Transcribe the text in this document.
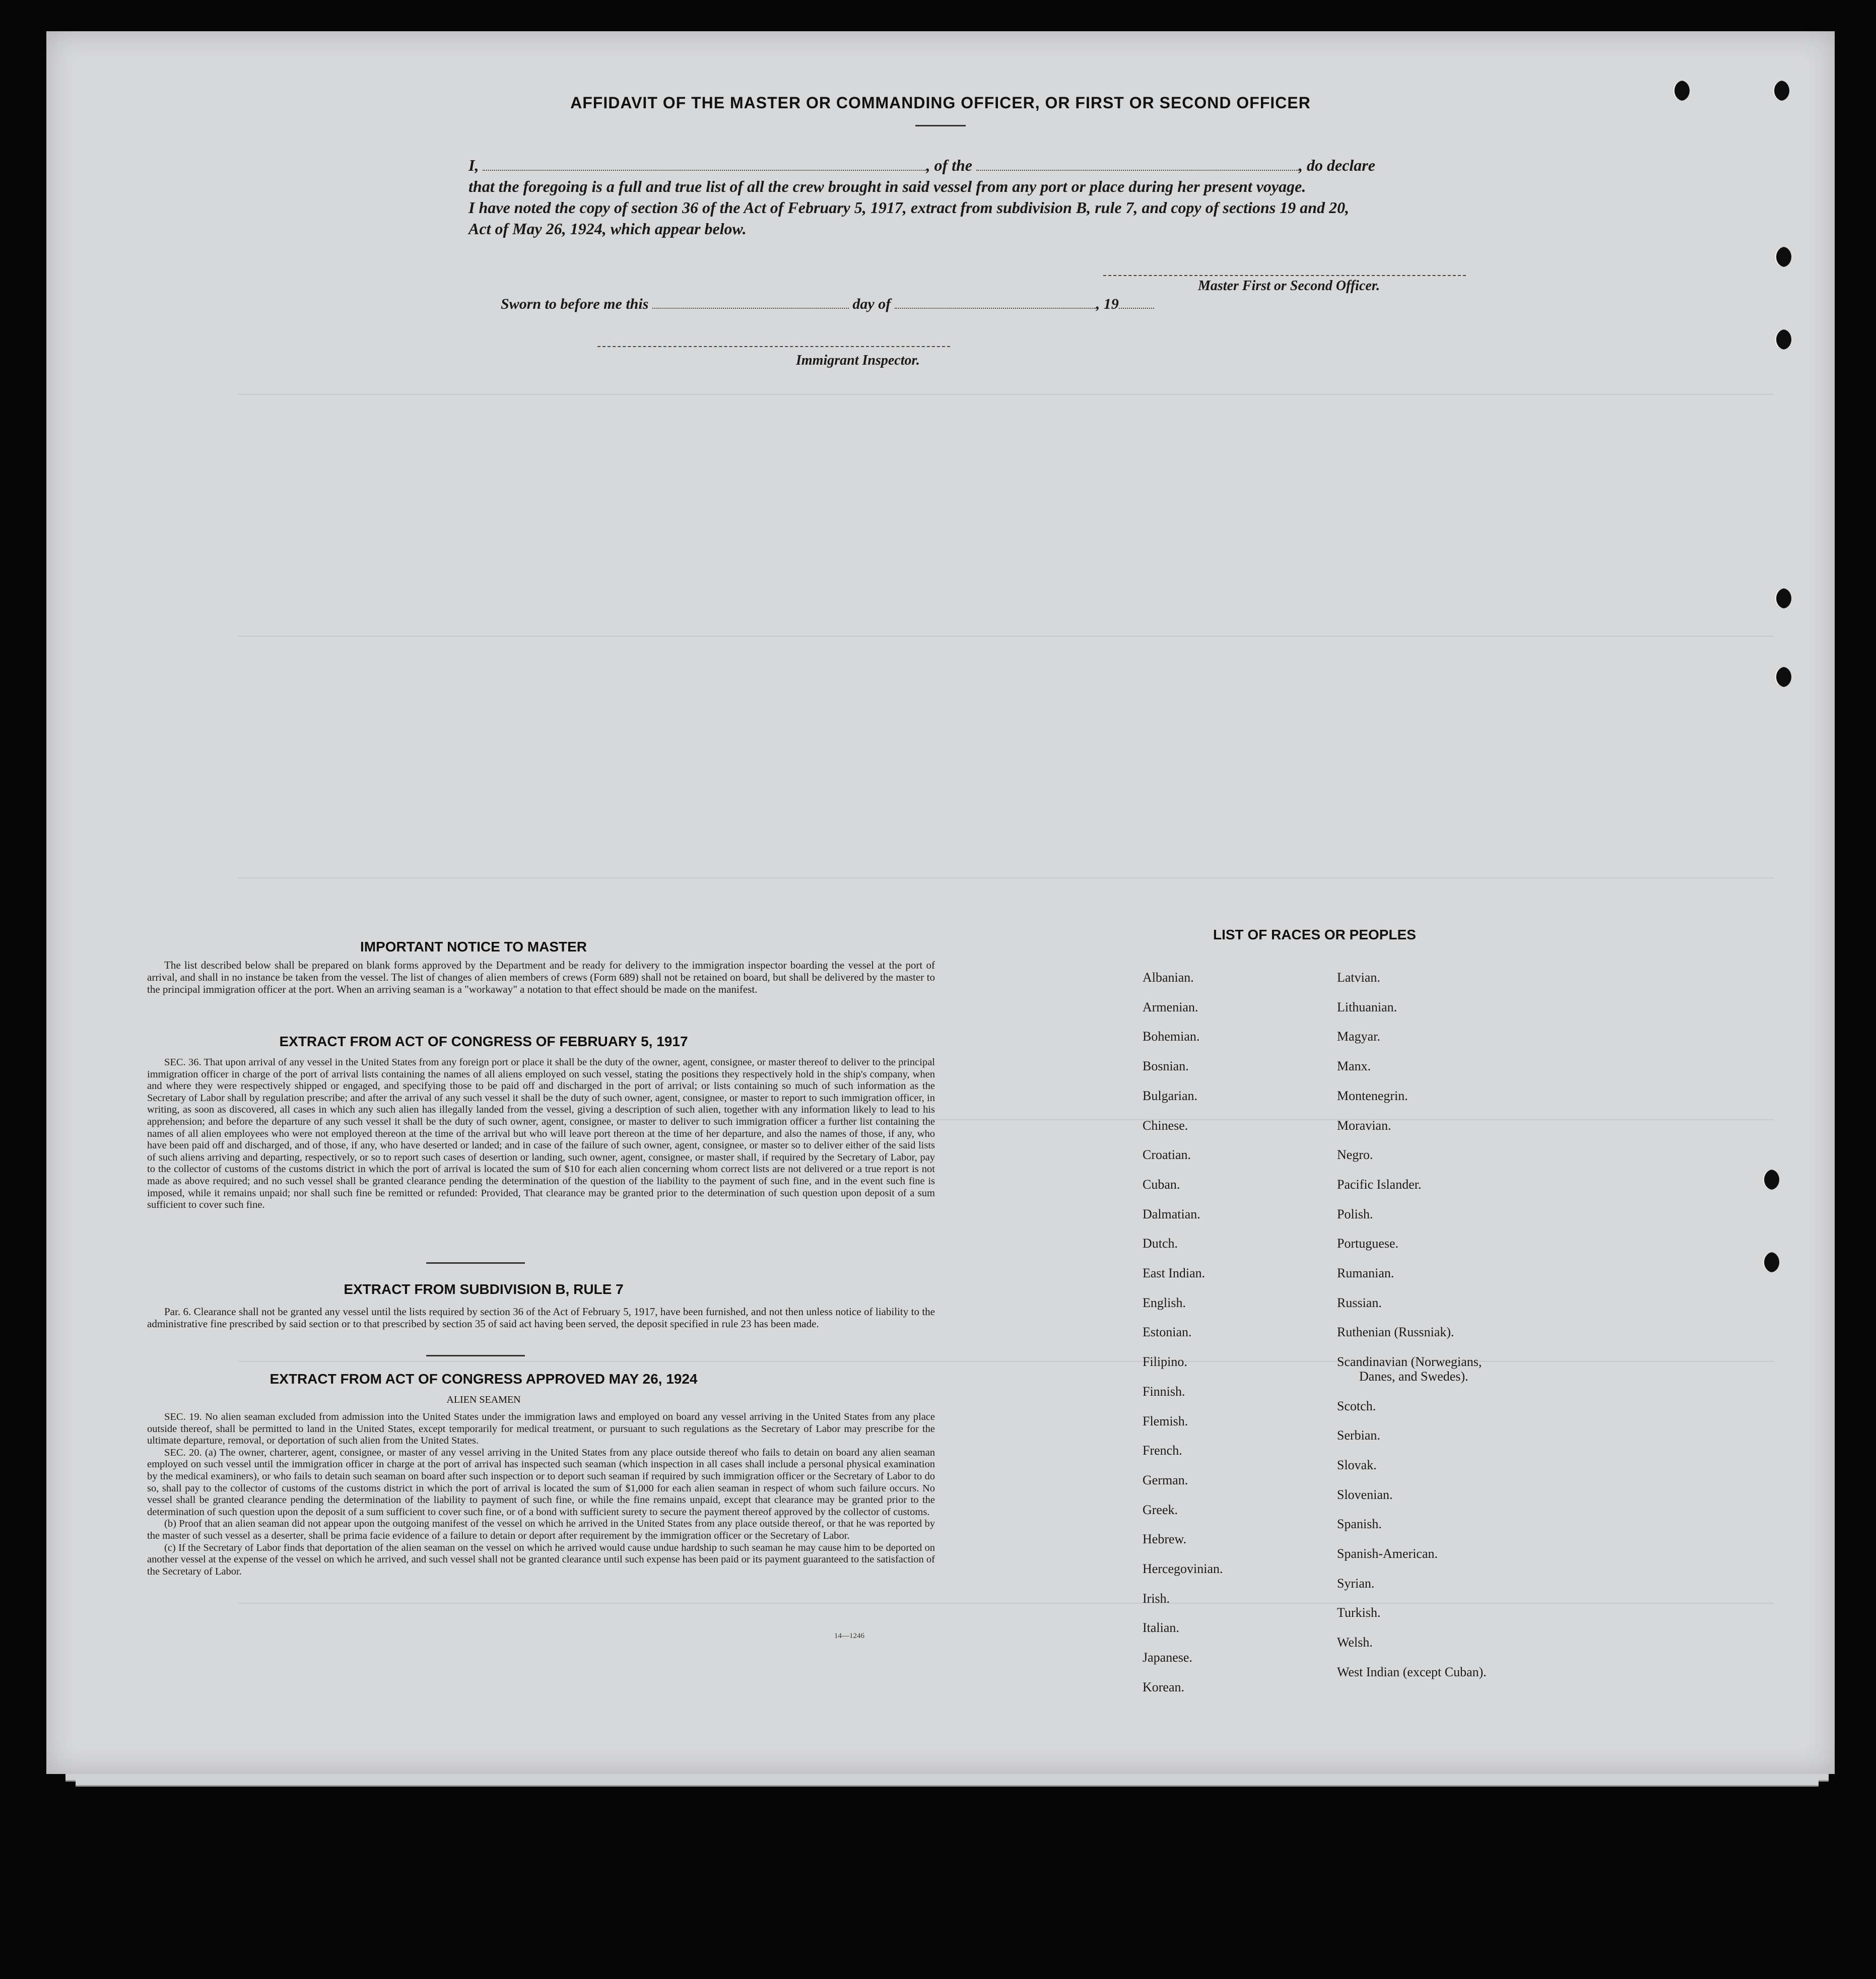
AFFIDAVIT OF THE MASTER OR COMMANDING OFFICER, OR FIRST OR SECOND OFFICER
I,	, of the	, do declare
that the foregoing is a full and true list of all the crew brought in said vessel from any port or place during her present voyage.
I have noted the copy of section 36 of the Act of February 5, 1917, extract from subdivision B, rule 7, and copy of sections 19 and 20,
Act of May 26, 1924, which appear below.
Master First or Second Officer.
Sworn to before me this	day of	, 19
Immigrant Inspector.
IMPORTANT NOTICE TO MASTER

The list described below shall be prepared on blank forms approved by the Department and be ready for delivery to the immigration inspector boarding the vessel at the port of arrival, and shall in no instance be taken from the vessel. The list of changes of alien members of crews (Form 689) shall not be retained on board, but shall be delivered by the master to the principal immigration officer at the port. When an arriving seaman is a "workaway" a notation to that effect should be made on the manifest.

EXTRACT FROM ACT OF CONGRESS OF FEBRUARY 5, 1917

SEC. 36. That upon arrival of any vessel in the United States from any foreign port or place it shall be the duty of the owner, agent, consignee, or master thereof to deliver to the principal immigration officer in charge of the port of arrival lists containing the names of all aliens employed on such vessel, stating the positions they respectively hold in the ship's company, when and where they were respectively shipped or engaged, and specifying those to be paid off and discharged in the port of arrival; or lists containing so much of such information as the Secretary of Labor shall by regulation prescribe; and after the arrival of any such vessel it shall be the duty of such owner, agent, consignee, or master to report to such immigration officer, in writing, as soon as discovered, all cases in which any such alien has illegally landed from the vessel, giving a description of such alien, together with any information likely to lead to his apprehension; and before the departure of any such vessel it shall be the duty of such owner, agent, consignee, or master to deliver to such immigration officer a further list containing the names of all alien employees who were not employed thereon at the time of the arrival but who will leave port thereon at the time of her departure, and also the names of those, if any, who have been paid off and discharged, and of those, if any, who have deserted or landed; and in case of the failure of such owner, agent, consignee, or master so to deliver either of the said lists of such aliens arriving and departing, respectively, or so to report such cases of desertion or landing, such owner, agent, consignee, or master shall, if required by the Secretary of Labor, pay to the collector of customs of the customs district in which the port of arrival is located the sum of $10 for each alien concerning whom correct lists are not delivered or a true report is not made as above required; and no such vessel shall be granted clearance pending the determination of the question of the liability to the payment of such fine, and in the event such fine is imposed, while it remains unpaid; nor shall such fine be remitted or refunded: Provided, That clearance may be granted prior to the determination of such question upon deposit of a sum sufficient to cover such fine.

EXTRACT FROM SUBDIVISION B, RULE 7

Par. 6. Clearance shall not be granted any vessel until the lists required by section 36 of the Act of February 5, 1917, have been furnished, and not then unless notice of liability to the administrative fine prescribed by said section or to that prescribed by section 35 of said act having been served, the deposit specified in rule 23 has been made.

EXTRACT FROM ACT OF CONGRESS APPROVED MAY 26, 1924
ALIEN SEAMEN

SEC. 19. No alien seaman excluded from admission into the United States under the immigration laws and employed on board any vessel arriving in the United States from any place outside thereof, shall be permitted to land in the United States, except temporarily for medical treatment, or pursuant to such regulations as the Secretary of Labor may prescribe for the ultimate departure, removal, or deportation of such alien from the United States.

SEC. 20. (a) The owner, charterer, agent, consignee, or master of any vessel arriving in the United States from any place outside thereof who fails to detain on board any alien seaman employed on such vessel until the immigration officer in charge at the port of arrival has inspected such seaman (which inspection in all cases shall include a personal physical examination by the medical examiners), or who fails to detain such seaman on board after such inspection or to deport such seaman if required by such immigration officer or the Secretary of Labor to do so, shall pay to the collector of customs of the customs district in which the port of arrival is located the sum of $1,000 for each alien seaman in respect of whom such failure occurs. No vessel shall be granted clearance pending the determination of the liability to payment of such fine, or while the fine remains unpaid, except that clearance may be granted prior to the determination of such question upon the deposit of a sum sufficient to cover such fine, or of a bond with sufficient surety to secure the payment thereof approved by the collector of customs.

(b) Proof that an alien seaman did not appear upon the outgoing manifest of the vessel on which he arrived in the United States from any place outside thereof, or that he was reported by the master of such vessel as a deserter, shall be prima facie evidence of a failure to detain or deport after requirement by the immigration officer or the Secretary of Labor.

(c) If the Secretary of Labor finds that deportation of the alien seaman on the vessel on which he arrived would cause undue hardship to such seaman he may cause him to be deported on another vessel at the expense of the vessel on which he arrived, and such vessel shall not be granted clearance until such expense has been paid or its payment guaranteed to the satisfaction of the Secretary of Labor.

14—1246
LIST OF RACES OR PEOPLES
Albanian.
Armenian.
Bohemian.
Bosnian.
Bulgarian.
Chinese.
Croatian.
Cuban.
Dalmatian.
Dutch.
East Indian.
English.
Estonian.
Filipino.
Finnish.
Flemish.
French.
German.
Greek.
Hebrew.
Hercegovinian.
Irish.
Italian.
Japanese.
Korean.
Latvian.
Lithuanian.
Magyar.
Manx.
Montenegrin.
Moravian.
Negro.
Pacific Islander.
Polish.
Portuguese.
Rumanian.
Russian.
Ruthenian (Russniak).
Scandinavian (Norwegians,
Danes, and Swedes).
Scotch.
Serbian.
Slovak.
Slovenian.
Spanish.
Spanish-American.
Syrian.
Turkish.
Welsh.
West Indian (except Cuban).
